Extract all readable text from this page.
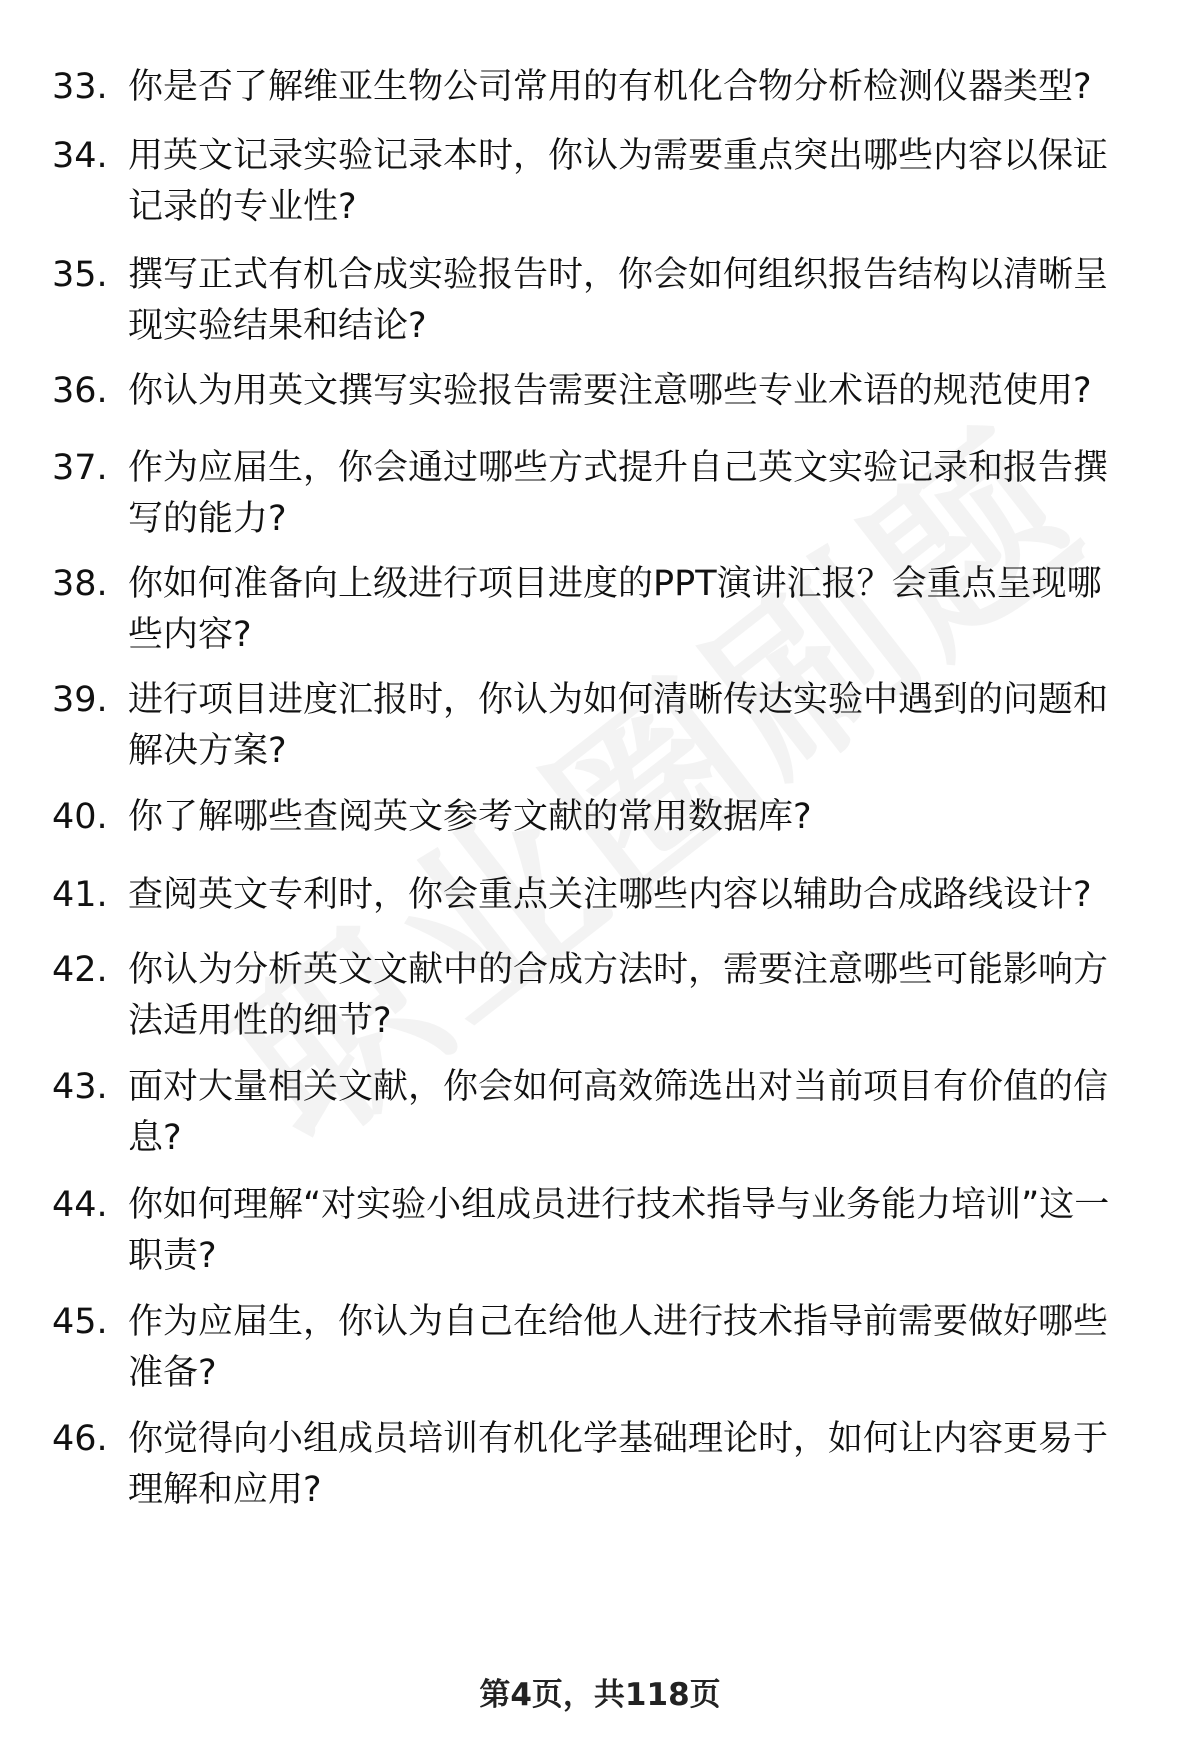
33. 你是否了解维亚生物公司常用的有机化合物分析检测仪器类型?
34. 用英文记录实验记录本时，你认为需要重点突出哪些内容以保证记录的专业性?
35. 撰写正式有机合成实验报告时，你会如何组织报告结构以清晰呈现实验结果和结论?
36. 你认为用英文撰写实验报告需要注意哪些专业术语的规范使用?
37. 作为应届生，你会通过哪些方式提升自己英文实验记录和报告撰写的能力?
38. 你如何准备向上级进行项目进度的PPT演讲汇报？会重点呈现哪些内容?
39. 进行项目进度汇报时，你认为如何清晰传达实验中遇到的问题和解决方案?
40. 你了解哪些查阅英文参考文献的常用数据库?
41. 查阅英文专利时，你会重点关注哪些内容以辅助合成路线设计?
42. 你认为分析英文文献中的合成方法时，需要注意哪些可能影响方法适用性的细节?
43. 面对大量相关文献，你会如何高效筛选出对当前项目有价值的信息?
44. 你如何理解“对实验小组成员进行技术指导与业务能力培训”这一职责?
45. 作为应届生，你认为自己在给他人进行技术指导前需要做好哪些准备?
46. 你觉得向小组成员培训有机化学基础理论时，如何让内容更易于理解和应用?
第4页，共118页
